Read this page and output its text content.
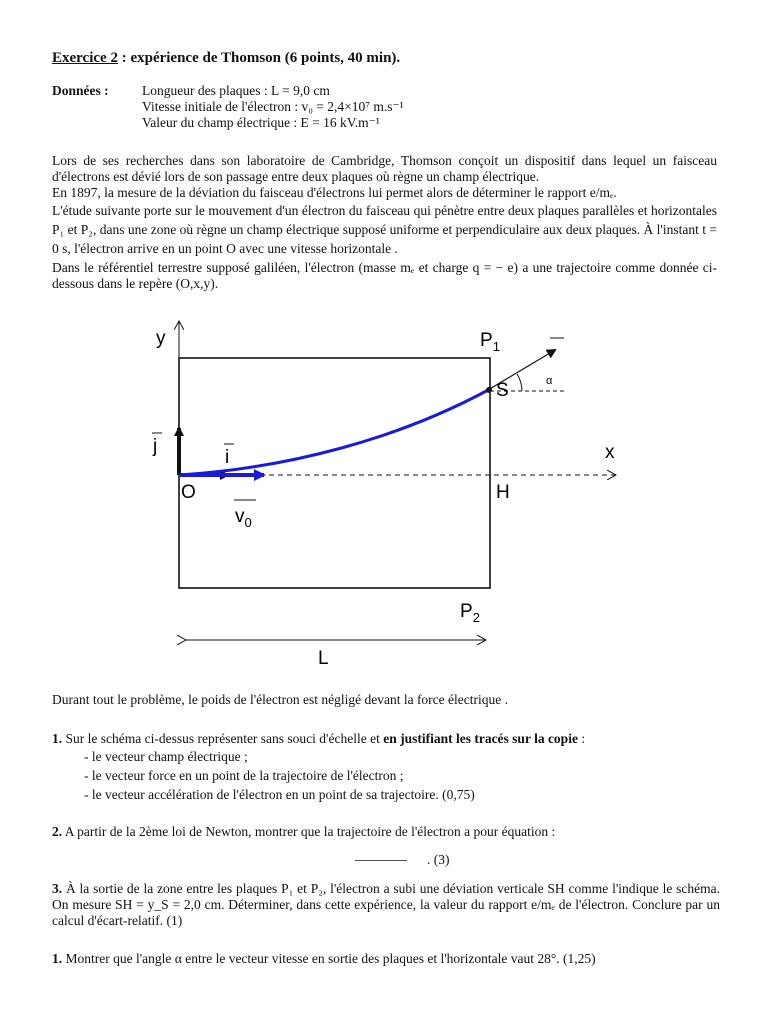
Exercice 2 : expérience de Thomson (6 points, 40 min).
Données : Longueur des plaques : L = 9,0 cm
Vitesse initiale de l'électron : v₀ = 2,4×10⁷ m.s⁻¹
Valeur du champ électrique : E = 16 kV.m⁻¹
Lors de ses recherches dans son laboratoire de Cambridge, Thomson conçoit un dispositif dans lequel un faisceau d'électrons est dévié lors de son passage entre deux plaques où règne un champ électrique.
En 1897, la mesure de la déviation du faisceau d'électrons lui permet alors de déterminer le rapport e/mₑ.
L'étude suivante porte sur le mouvement d'un électron du faisceau qui pénètre entre deux plaques parallèles et horizontales P₁ et P₂, dans une zone où règne un champ électrique supposé uniforme et perpendiculaire aux deux plaques. À l'instant t = 0 s, l'électron arrive en un point O avec une vitesse horizontale .
Dans le référentiel terrestre supposé galiléen, l'électron (masse mₑ et charge q = − e) a une trajectoire comme donnée ci-dessous dans le repère (O,x,y).
y
x
j
i
O	H
S
$v_0$
$P_1$
$P_2$
L
α
Durant tout le problème, le poids de l'électron est négligé devant la force électrique .
1. Sur le schéma ci-dessus représenter sans souci d'échelle et en justifiant les tracés sur la copie :
- le vecteur champ électrique ;
- le vecteur force en un point de la trajectoire de l'électron ;
- le vecteur accélération de l'électron en un point de sa trajectoire. (0,75)
2. A partir de la 2ème loi de Newton, montrer que la trajectoire de l'électron a pour équation :
. (3)
3. À la sortie de la zone entre les plaques P₁ et P₂, l'électron a subi une déviation verticale SH comme l'indique le schéma. On mesure SH = y_S = 2,0 cm. Déterminer, dans cette expérience, la valeur du rapport e/mₑ de l'électron. Conclure par un calcul d'écart-relatif. (1)
1. Montrer que l'angle α entre le vecteur vitesse en sortie des plaques et l'horizontale vaut 28°. (1,25)
